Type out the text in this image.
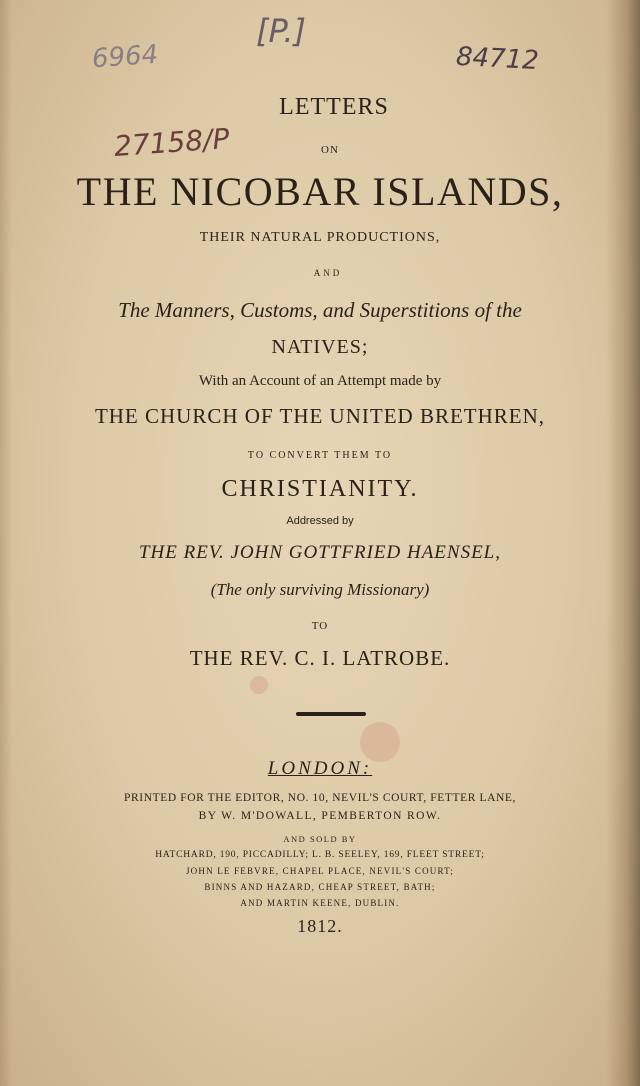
6964
[P.]
84712
27158/P
LETTERS
ON
THE NICOBAR ISLANDS,
THEIR NATURAL PRODUCTIONS,
AND
The Manners, Customs, and Superstitions of the
NATIVES;
With an Account of an Attempt made by
THE CHURCH OF THE UNITED BRETHREN,
TO CONVERT THEM TO
CHRISTIANITY.
Addressed by
THE REV. JOHN GOTTFRIED HAENSEL,
(The only surviving Missionary)
TO
THE REV. C. I. LATROBE.
LONDON:
PRINTED FOR THE EDITOR, NO. 10, NEVIL'S COURT, FETTER LANE,
BY W. M'DOWALL, PEMBERTON ROW.
AND SOLD BY
HATCHARD, 190, PICCADILLY; L. B. SEELEY, 169, FLEET STREET;
JOHN LE FEBVRE, CHAPEL PLACE, NEVIL'S COURT;
BINNS AND HAZARD, CHEAP STREET, BATH;
AND MARTIN KEENE, DUBLIN.
1812.
